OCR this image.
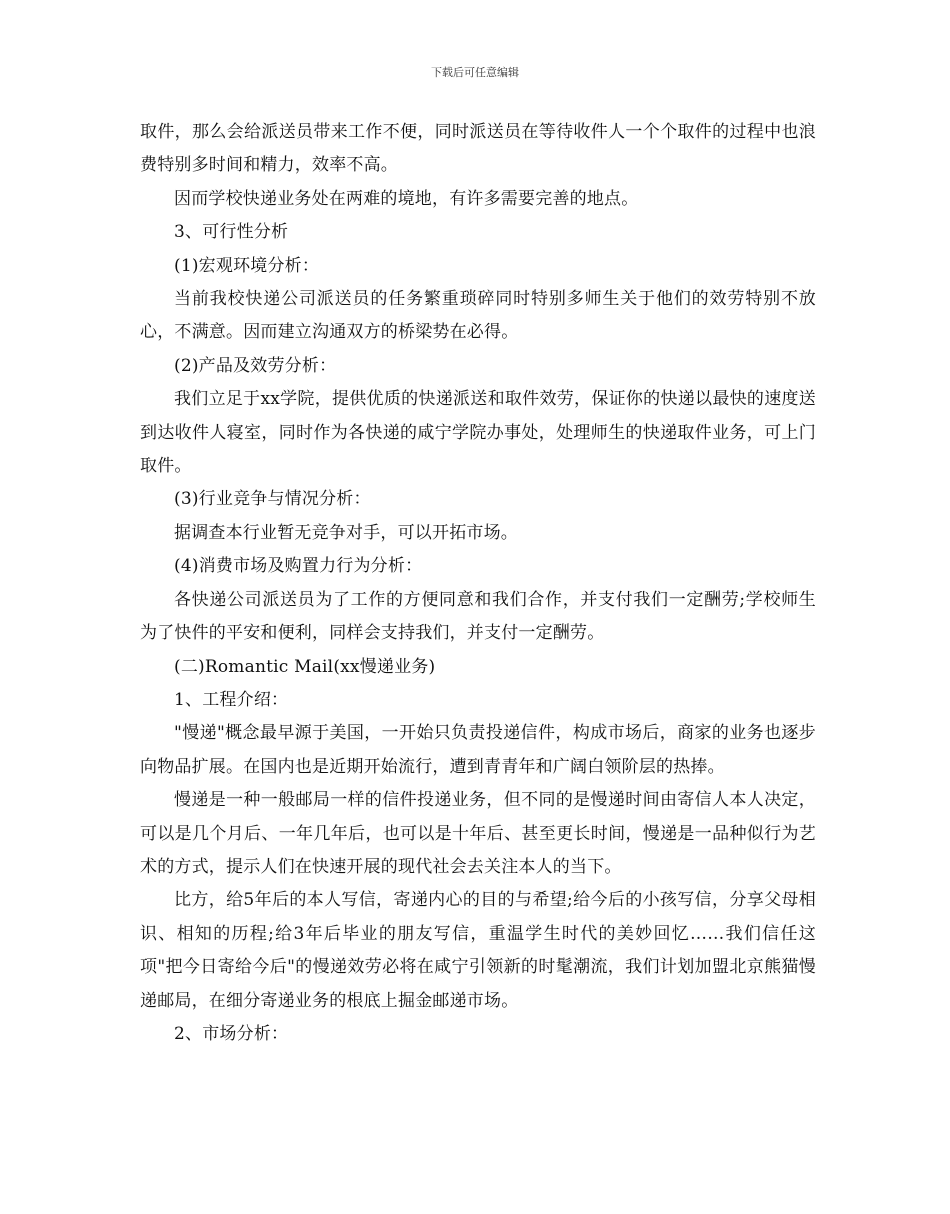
下载后可任意编辑

取件，那么会给派送员带来工作不便，同时派送员在等待收件人一个个取件的过程中也浪费特别多时间和精力，效率不高。

因而学校快递业务处在两难的境地，有许多需要完善的地点。

3、可行性分析

(1)宏观环境分析：

当前我校快递公司派送员的任务繁重琐碎同时特别多师生关于他们的效劳特别不放心，不满意。因而建立沟通双方的桥梁势在必得。

(2)产品及效劳分析：

我们立足于xx学院，提供优质的快递派送和取件效劳，保证你的快递以最快的速度送到达收件人寝室，同时作为各快递的咸宁学院办事处，处理师生的快递取件业务，可上门取件。

(3)行业竞争与情况分析：

据调查本行业暂无竞争对手，可以开拓市场。

(4)消费市场及购置力行为分析：

各快递公司派送员为了工作的方便同意和我们合作，并支付我们一定酬劳;学校师生为了快件的平安和便利，同样会支持我们，并支付一定酬劳。

(二)Romantic Mail(xx慢递业务)

1、工程介绍：

"慢递"概念最早源于美国，一开始只负责投递信件，构成市场后，商家的业务也逐步向物品扩展。在国内也是近期开始流行，遭到青青年和广阔白领阶层的热捧。

慢递是一种一般邮局一样的信件投递业务，但不同的是慢递时间由寄信人本人决定，可以是几个月后、一年几年后，也可以是十年后、甚至更长时间，慢递是一品种似行为艺术的方式，提示人们在快速开展的现代社会去关注本人的当下。

比方，给5年后的本人写信，寄递内心的目的与希望;给今后的小孩写信，分享父母相识、相知的历程;给3年后毕业的朋友写信，重温学生时代的美妙回忆……我们信任这项"把今日寄给今后"的慢递效劳必将在咸宁引领新的时髦潮流，我们计划加盟北京熊猫慢递邮局，在细分寄递业务的根底上掘金邮递市场。

2、市场分析：
